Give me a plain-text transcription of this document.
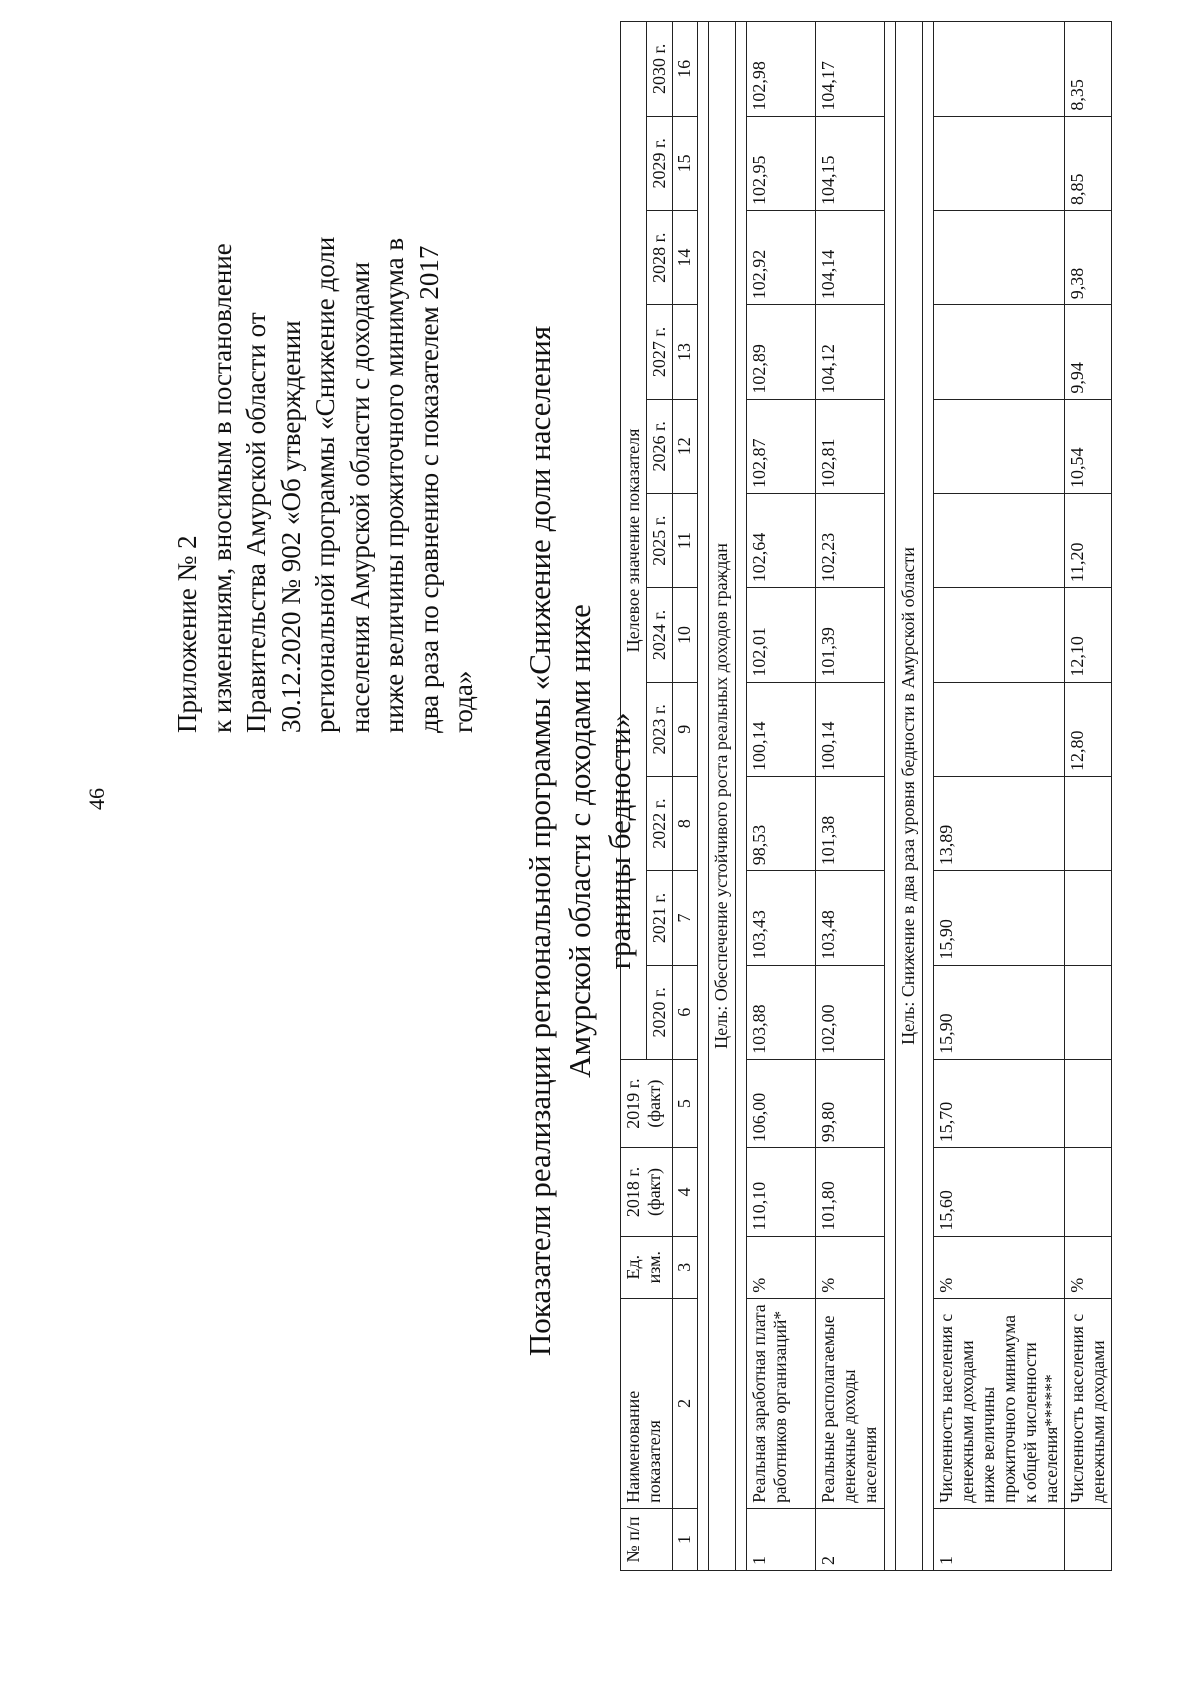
46
Приложение № 2 к изменениям, вносимым в постановление Правительства Амурской области от 30.12.2020 № 902 «Об утверждении региональной программы «Снижение доли населения Амурской области с доходами ниже величины прожиточного минимума в два раза по сравнению с показателем 2017 года» Показатели реализации региональной программы «Снижение доли населения Амурской области с доходами ниже границы бедности»
№ п/п	Наименование показателя	Ед. изм.	2018 г. (факт)	2019 г. (факт)	Целевое значение показателя										
					2020 г.	2021 г.	2022 г.	2023 г.	2024 г.	2025 г.	2026 г.	2027 г.	2028 г.	2029 г.	2030 г.
1	2	3	4	5	6	7	8	9	10	11	12	13	14	15	16

Цель: Обеспечение устойчивого роста реальных доходов граждан															

1	Реальная заработная плата работников организаций*	%	110,10	106,00	103,88	103,43	98,53	100,14	102,01	102,64	102,87	102,89	102,92	102,95	102,98
2	Реальные располагаемые денежные доходы населения	%	101,80	99,80	102,00	103,48	101,38	100,14	101,39	102,23	102,81	104,12	104,14	104,15	104,17

Цель: Снижение в два раза уровня бедности в Амурской области															

1	Численность населения с денежными доходами ниже величины прожиточного минимума к общей численности населения******	%	15,60	15,70	15,90	15,90	13,89								
	Численность населения с денежными доходами	%						12,80	12,10	11,20	10,54	9,94	9,38	8,85	8,35
